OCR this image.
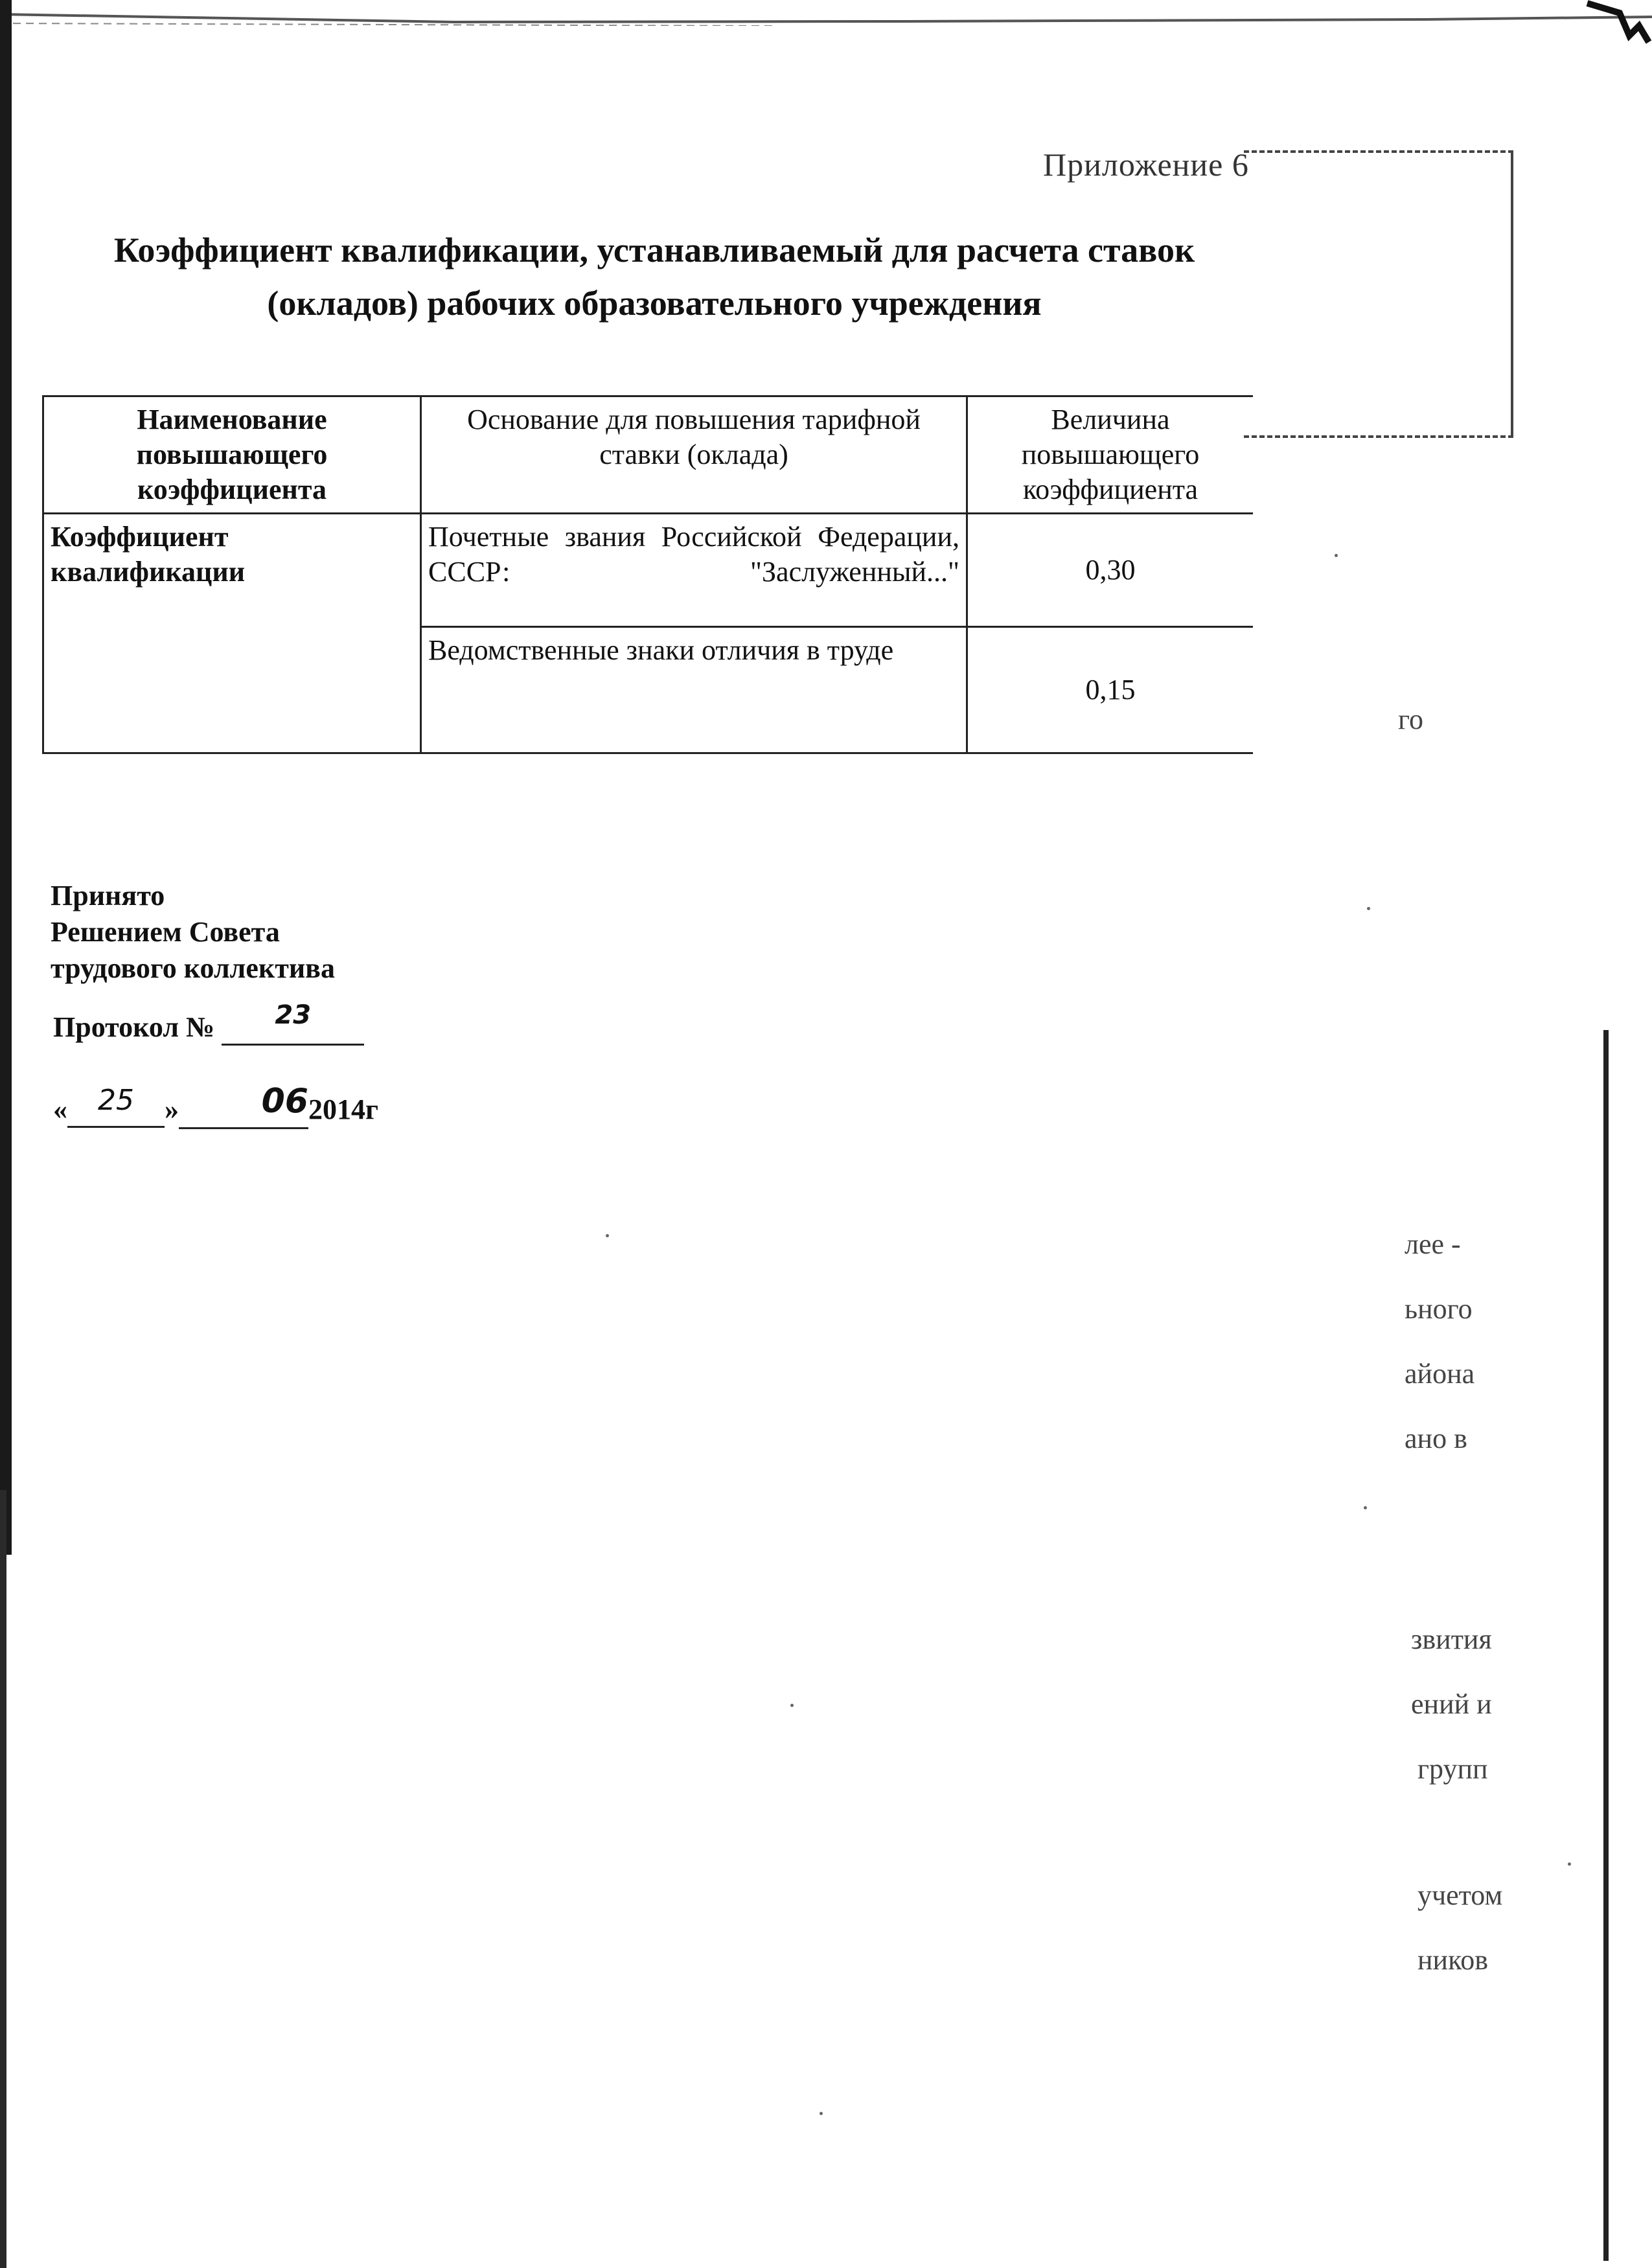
Приложение 6
Коэффициент квалификации, устанавливаемый для расчета ставок
(окладов) рабочих образовательного учреждения
Наименование повышающего коэффициента	Основание для повышения тарифной ставки (оклада)	Величина повышающего коэффициента
Коэффициент квалификации	Почетные звания Российской Федерации, СССР: "Заслуженный..."	0,30
	Ведомственные знаки отличия в труде	0,15
Принято
Решением Совета
трудового коллектива
Протокол № 23
« 25 » 062014г
го
лее -
ьного
айона
ано в
звития
ений и
групп
учетом
ников
